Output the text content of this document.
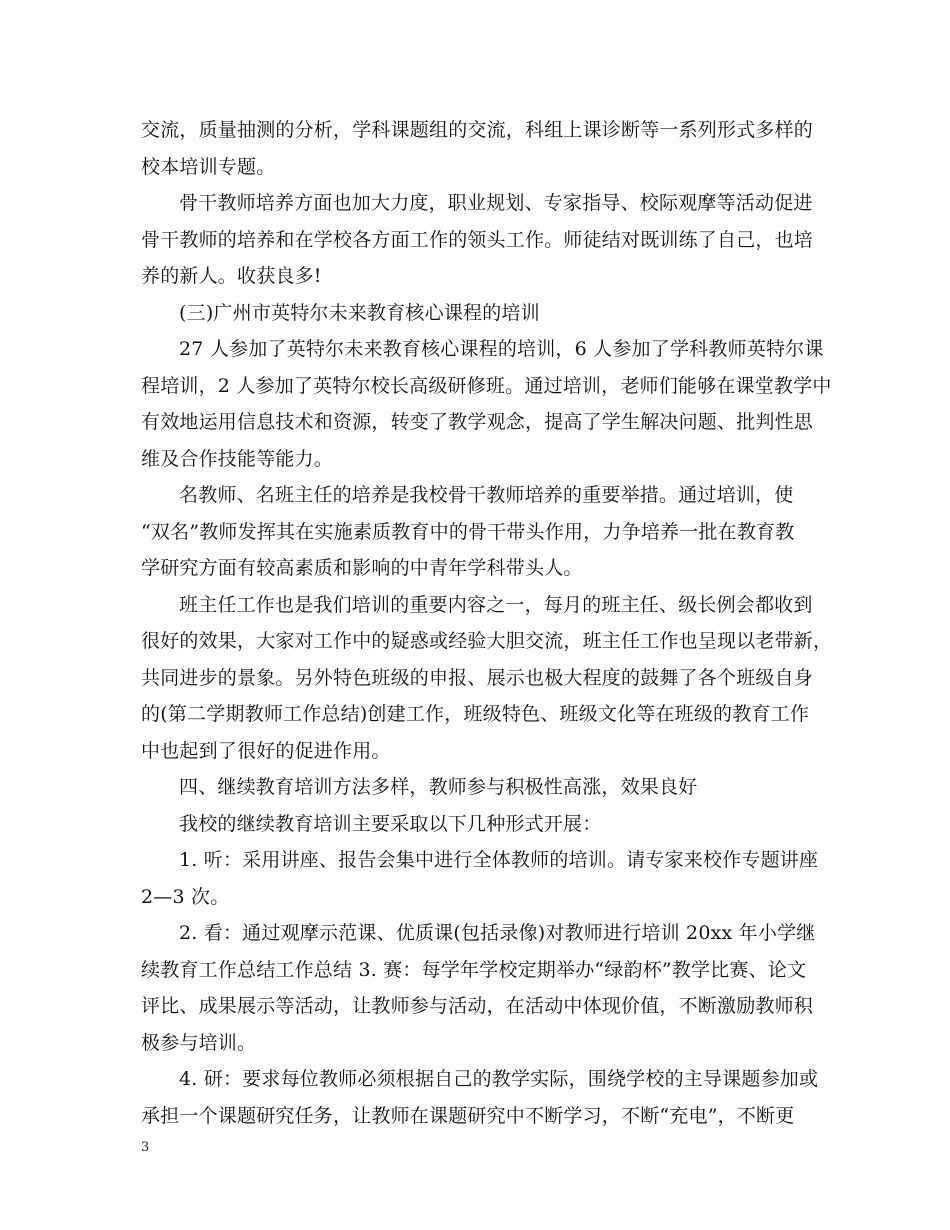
交流，质量抽测的分析，学科课题组的交流，科组上课诊断等一系列形式多样的
校本培训专题。

骨干教师培养方面也加大力度，职业规划、专家指导、校际观摩等活动促进
骨干教师的培养和在学校各方面工作的领头工作。师徒结对既训练了自己，也培
养的新人。收获良多!

(三)广州市英特尔未来教育核心课程的培训

27 人参加了英特尔未来教育核心课程的培训，6 人参加了学科教师英特尔课
程培训，2 人参加了英特尔校长高级研修班。通过培训，老师们能够在课堂教学中
有效地运用信息技术和资源，转变了教学观念，提高了学生解决问题、批判性思
维及合作技能等能力。

名教师、名班主任的培养是我校骨干教师培养的重要举措。通过培训，使
“双名”教师发挥其在实施素质教育中的骨干带头作用，力争培养一批在教育教
学研究方面有较高素质和影响的中青年学科带头人。

班主任工作也是我们培训的重要内容之一，每月的班主任、级长例会都收到
很好的效果，大家对工作中的疑惑或经验大胆交流，班主任工作也呈现以老带新，
共同进步的景象。另外特色班级的申报、展示也极大程度的鼓舞了各个班级自身
的(第二学期教师工作总结)创建工作，班级特色、班级文化等在班级的教育工作
中也起到了很好的促进作用。

四、继续教育培训方法多样，教师参与积极性高涨，效果良好

我校的继续教育培训主要采取以下几种形式开展：

1. 听：采用讲座、报告会集中进行全体教师的培训。请专家来校作专题讲座
2—3 次。

2. 看：通过观摩示范课、优质课(包括录像)对教师进行培训 20xx 年小学继
续教育工作总结工作总结 3. 赛：每学年学校定期举办“绿韵杯”教学比赛、论文
评比、成果展示等活动，让教师参与活动，在活动中体现价值，不断激励教师积
极参与培训。

4. 研：要求每位教师必须根据自己的教学实际，围绕学校的主导课题参加或
承担一个课题研究任务，让教师在课题研究中不断学习，不断“充电”，不断更

3
